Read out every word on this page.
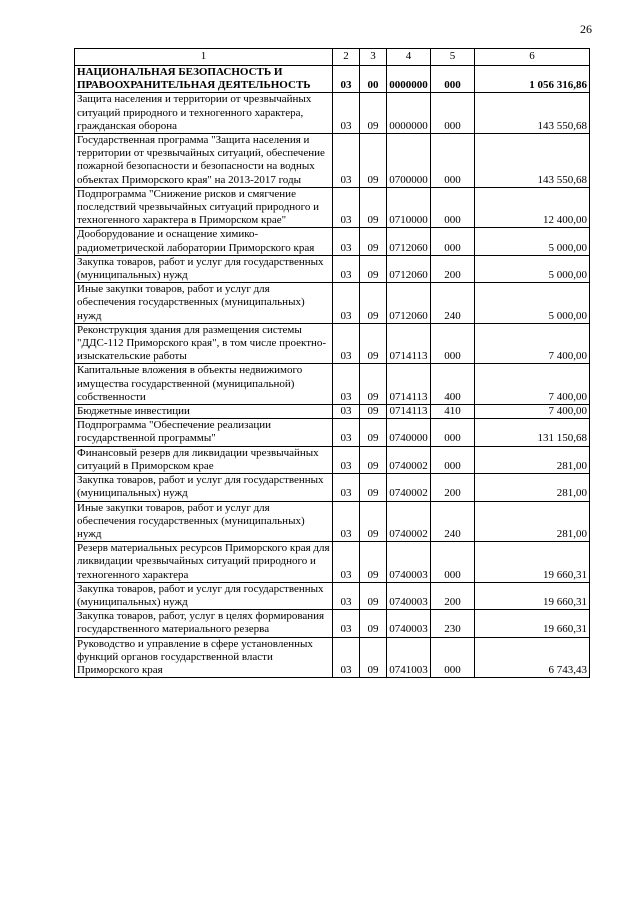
26
1	2	3	4	5	6
НАЦИОНАЛЬНАЯ БЕЗОПАСНОСТЬ И ПРАВООХРАНИТЕЛЬНАЯ ДЕЯТЕЛЬНОСТЬ	03	00	0000000	000	1 056 316,86
Защита населения и территории от чрезвычайных ситуаций природного и техногенного характера, гражданская оборона	03	09	0000000	000	143 550,68
Государственная программа "Защита населения и территории от чрезвычайных ситуаций, обеспечение пожарной безопасности и безопасности на водных объектах Приморского края" на 2013-2017 годы	03	09	0700000	000	143 550,68
Подпрограмма "Снижение рисков и смягчение последствий чрезвычайных ситуаций природного и техногенного характера в Приморском крае"	03	09	0710000	000	12 400,00
Дооборудование и оснащение химико-радиометрической лаборатории Приморского края	03	09	0712060	000	5 000,00
Закупка товаров, работ и услуг для государственных (муниципальных) нужд	03	09	0712060	200	5 000,00
Иные закупки товаров, работ и услуг для обеспечения государственных (муниципальных) нужд	03	09	0712060	240	5 000,00
Реконструкция здания для размещения системы "ДДС-112 Приморского края", в том числе проектно-изыскательские работы	03	09	0714113	000	7 400,00
Капитальные вложения в объекты недвижимого имущества государственной (муниципальной) собственности	03	09	0714113	400	7 400,00
Бюджетные инвестиции	03	09	0714113	410	7 400,00
Подпрограмма "Обеспечение реализации государственной программы"	03	09	0740000	000	131 150,68
Финансовый резерв для ликвидации чрезвычайных ситуаций в Приморском крае	03	09	0740002	000	281,00
Закупка товаров, работ и услуг для государственных (муниципальных) нужд	03	09	0740002	200	281,00
Иные закупки товаров, работ и услуг для обеспечения государственных (муниципальных) нужд	03	09	0740002	240	281,00
Резерв материальных ресурсов Приморского края для ликвидации чрезвычайных ситуаций природного и техногенного характера	03	09	0740003	000	19 660,31
Закупка товаров, работ и услуг для государственных (муниципальных) нужд	03	09	0740003	200	19 660,31
Закупка товаров, работ, услуг в целях формирования государственного материального резерва	03	09	0740003	230	19 660,31
Руководство и управление в сфере установленных функций органов государственной власти Приморского края	03	09	0741003	000	6 743,43
